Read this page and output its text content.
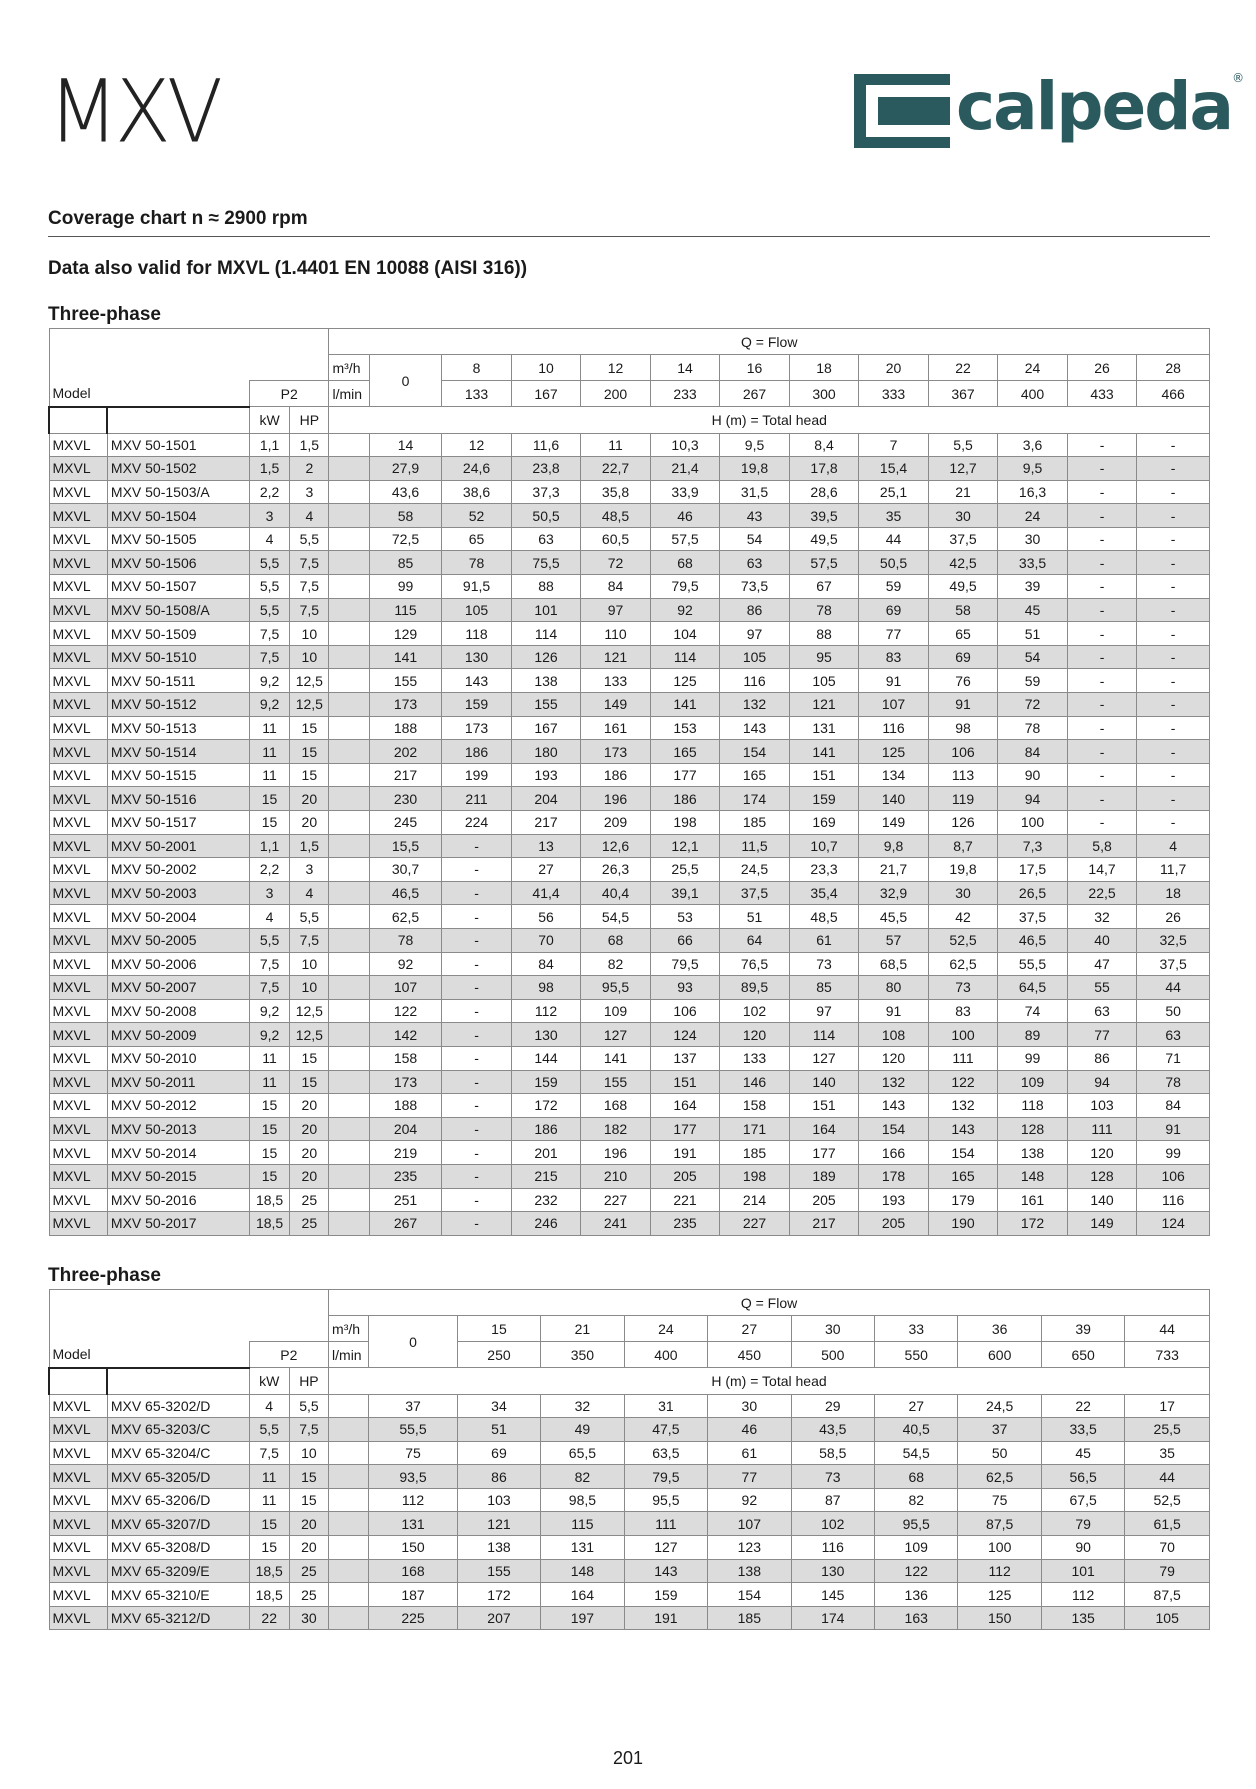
MXV	calpeda ®
Coverage chart n ≈ 2900 rpm
Data also valid for MXVL (1.4401 EN 10088 (AISI 316))
Three-phase
				Q = Flow												
				m³/h	0	8	10	12	14	16	18	20	22	24	26	28
Model		P2		l/min		133	167	200	233	267	300	333	367	400	433	466
		kW	HP	H (m) = Total head												
MXVL	MXV 50-1501	1,1	1,5		14	12	11,6	11	10,3	9,5	8,4	7	5,5	3,6	-	-
MXVL	MXV 50-1502	1,5	2		27,9	24,6	23,8	22,7	21,4	19,8	17,8	15,4	12,7	9,5	-	-
MXVL	MXV 50-1503/A	2,2	3		43,6	38,6	37,3	35,8	33,9	31,5	28,6	25,1	21	16,3	-	-
MXVL	MXV 50-1504	3	4		58	52	50,5	48,5	46	43	39,5	35	30	24	-	-
MXVL	MXV 50-1505	4	5,5		72,5	65	63	60,5	57,5	54	49,5	44	37,5	30	-	-
MXVL	MXV 50-1506	5,5	7,5		85	78	75,5	72	68	63	57,5	50,5	42,5	33,5	-	-
MXVL	MXV 50-1507	5,5	7,5		99	91,5	88	84	79,5	73,5	67	59	49,5	39	-	-
MXVL	MXV 50-1508/A	5,5	7,5		115	105	101	97	92	86	78	69	58	45	-	-
MXVL	MXV 50-1509	7,5	10		129	118	114	110	104	97	88	77	65	51	-	-
MXVL	MXV 50-1510	7,5	10		141	130	126	121	114	105	95	83	69	54	-	-
MXVL	MXV 50-1511	9,2	12,5		155	143	138	133	125	116	105	91	76	59	-	-
MXVL	MXV 50-1512	9,2	12,5		173	159	155	149	141	132	121	107	91	72	-	-
MXVL	MXV 50-1513	11	15		188	173	167	161	153	143	131	116	98	78	-	-
MXVL	MXV 50-1514	11	15		202	186	180	173	165	154	141	125	106	84	-	-
MXVL	MXV 50-1515	11	15		217	199	193	186	177	165	151	134	113	90	-	-
MXVL	MXV 50-1516	15	20		230	211	204	196	186	174	159	140	119	94	-	-
MXVL	MXV 50-1517	15	20		245	224	217	209	198	185	169	149	126	100	-	-
MXVL	MXV 50-2001	1,1	1,5		15,5	-	13	12,6	12,1	11,5	10,7	9,8	8,7	7,3	5,8	4
MXVL	MXV 50-2002	2,2	3		30,7	-	27	26,3	25,5	24,5	23,3	21,7	19,8	17,5	14,7	11,7
MXVL	MXV 50-2003	3	4		46,5	-	41,4	40,4	39,1	37,5	35,4	32,9	30	26,5	22,5	18
MXVL	MXV 50-2004	4	5,5		62,5	-	56	54,5	53	51	48,5	45,5	42	37,5	32	26
MXVL	MXV 50-2005	5,5	7,5		78	-	70	68	66	64	61	57	52,5	46,5	40	32,5
MXVL	MXV 50-2006	7,5	10		92	-	84	82	79,5	76,5	73	68,5	62,5	55,5	47	37,5
MXVL	MXV 50-2007	7,5	10		107	-	98	95,5	93	89,5	85	80	73	64,5	55	44
MXVL	MXV 50-2008	9,2	12,5		122	-	112	109	106	102	97	91	83	74	63	50
MXVL	MXV 50-2009	9,2	12,5		142	-	130	127	124	120	114	108	100	89	77	63
MXVL	MXV 50-2010	11	15		158	-	144	141	137	133	127	120	111	99	86	71
MXVL	MXV 50-2011	11	15		173	-	159	155	151	146	140	132	122	109	94	78
MXVL	MXV 50-2012	15	20		188	-	172	168	164	158	151	143	132	118	103	84
MXVL	MXV 50-2013	15	20		204	-	186	182	177	171	164	154	143	128	111	91
MXVL	MXV 50-2014	15	20		219	-	201	196	191	185	177	166	154	138	120	99
MXVL	MXV 50-2015	15	20		235	-	215	210	205	198	189	178	165	148	128	106
MXVL	MXV 50-2016	18,5	25		251	-	232	227	221	214	205	193	179	161	140	116
MXVL	MXV 50-2017	18,5	25		267	-	246	241	235	227	217	205	190	172	149	124
Three-phase
				Q = Flow										
				m³/h	0	15	21	24	27	30	33	36	39	44
Model		P2		l/min		250	350	400	450	500	550	600	650	733
		kW	HP	H (m) = Total head										
MXVL	MXV 65-3202/D	4	5,5		37	34	32	31	30	29	27	24,5	22	17
MXVL	MXV 65-3203/C	5,5	7,5		55,5	51	49	47,5	46	43,5	40,5	37	33,5	25,5
MXVL	MXV 65-3204/C	7,5	10		75	69	65,5	63,5	61	58,5	54,5	50	45	35
MXVL	MXV 65-3205/D	11	15		93,5	86	82	79,5	77	73	68	62,5	56,5	44
MXVL	MXV 65-3206/D	11	15		112	103	98,5	95,5	92	87	82	75	67,5	52,5
MXVL	MXV 65-3207/D	15	20		131	121	115	111	107	102	95,5	87,5	79	61,5
MXVL	MXV 65-3208/D	15	20		150	138	131	127	123	116	109	100	90	70
MXVL	MXV 65-3209/E	18,5	25		168	155	148	143	138	130	122	112	101	79
MXVL	MXV 65-3210/E	18,5	25		187	172	164	159	154	145	136	125	112	87,5
MXVL	MXV 65-3212/D	22	30		225	207	197	191	185	174	163	150	135	105
201
